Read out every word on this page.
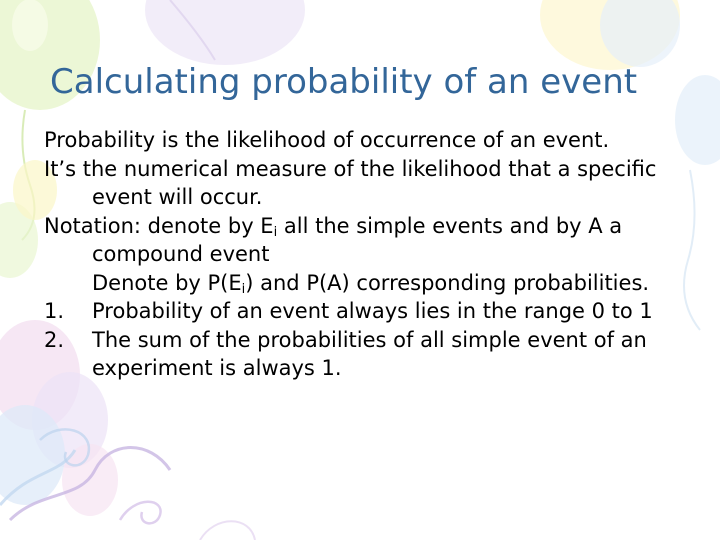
Calculating probability of an event

Probability is the likelihood of occurrence of an event.

It’s the numerical measure of the likelihood that a specific event will occur.

Notation: denote by $E_i$ all the simple events and by A a compound event

Denote by $P(E_i)$ and P(A) corresponding probabilities.

1. Probability of an event always lies in the range 0 to 1

2. The sum of the probabilities of all simple event of an experiment is always 1.
